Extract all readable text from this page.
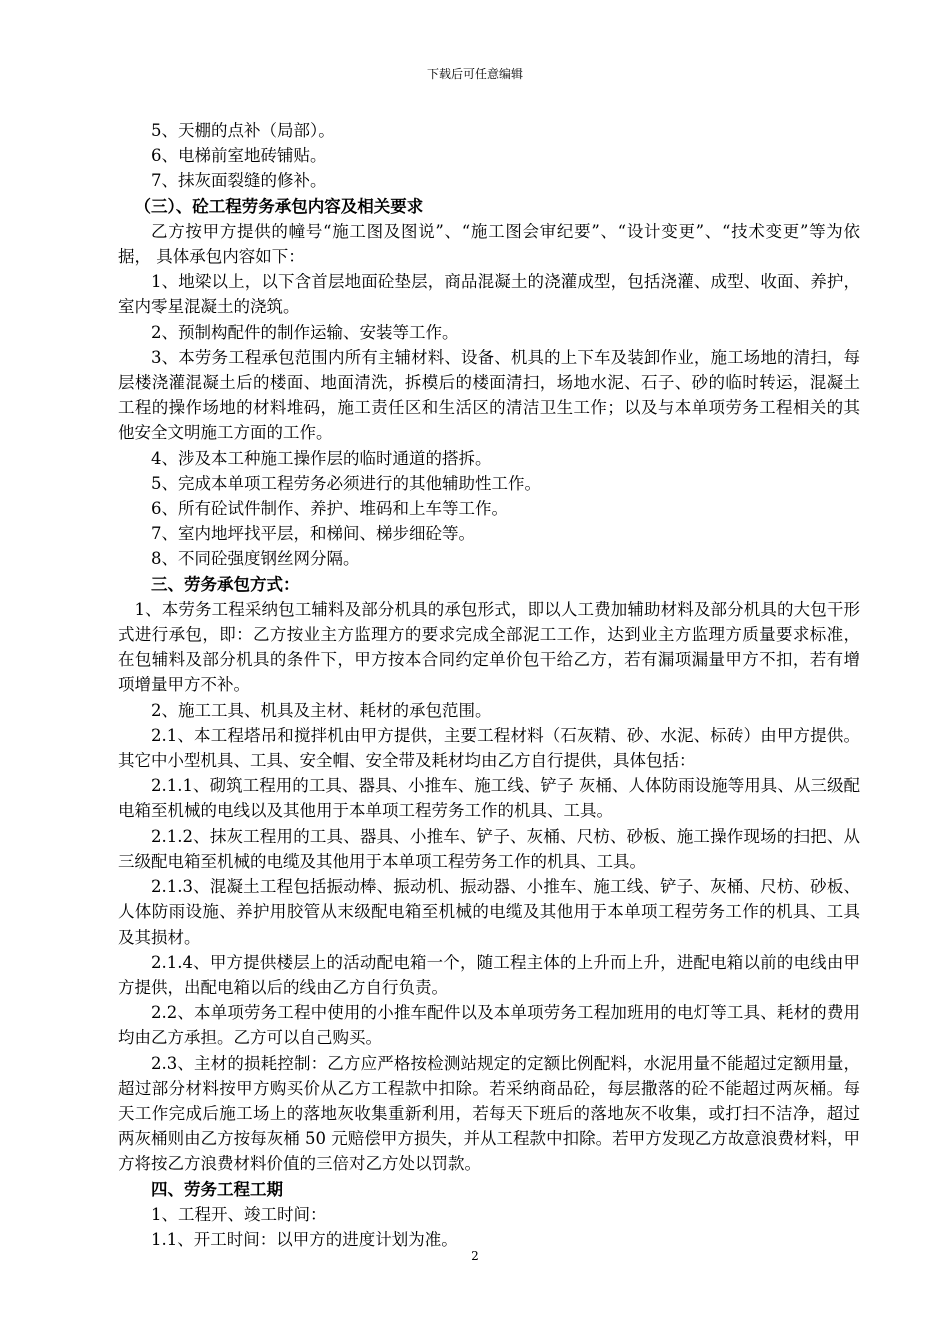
下载后可任意编辑

5、天棚的点补（局部）。

6、电梯前室地砖铺贴。

7、抹灰面裂缝的修补。

（三）、砼工程劳务承包内容及相关要求

乙方按甲方提供的幢号“施工图及图说”、“施工图会审纪要”、“设计变更”、“技术变更”等为依据， 具体承包内容如下：

1、地梁以上，以下含首层地面砼垫层，商品混凝土的浇灌成型，包括浇灌、成型、收面、养护，室内零星混凝土的浇筑。

2、预制构配件的制作运输、安装等工作。

3、本劳务工程承包范围内所有主辅材料、设备、机具的上下车及装卸作业，施工场地的清扫，每层楼浇灌混凝土后的楼面、地面清洗，拆模后的楼面清扫，场地水泥、石子、砂的临时转运，混凝土工程的操作场地的材料堆码，施工责任区和生活区的清洁卫生工作；以及与本单项劳务工程相关的其他安全文明施工方面的工作。

4、涉及本工种施工操作层的临时通道的搭拆。

5、完成本单项工程劳务必须进行的其他辅助性工作。

6、所有砼试件制作、养护、堆码和上车等工作。

7、室内地坪找平层，和梯间、梯步细砼等。

8、不同砼强度钢丝网分隔。

三、劳务承包方式：

1、本劳务工程采纳包工辅料及部分机具的承包形式，即以人工费加辅助材料及部分机具的大包干形式进行承包，即：乙方按业主方监理方的要求完成全部泥工工作，达到业主方监理方质量要求标准，在包辅料及部分机具的条件下，甲方按本合同约定单价包干给乙方，若有漏项漏量甲方不扣，若有增项增量甲方不补。

2、施工工具、机具及主材、耗材的承包范围。

2.1、本工程塔吊和搅拌机由甲方提供，主要工程材料（石灰精、砂、水泥、标砖）由甲方提供。其它中小型机具、工具、安全帽、安全带及耗材均由乙方自行提供，具体包括：

2.1.1、砌筑工程用的工具、器具、小推车、施工线、铲子 灰桶、人体防雨设施等用具、从三级配电箱至机械的电线以及其他用于本单项工程劳务工作的机具、工具。

2.1.2、抹灰工程用的工具、器具、小推车、铲子、灰桶、尺枋、砂板、施工操作现场的扫把、从三级配电箱至机械的电缆及其他用于本单项工程劳务工作的机具、工具。

2.1.3、混凝土工程包括振动棒、振动机、振动器、小推车、施工线、铲子、灰桶、尺枋、砂板、人体防雨设施、养护用胶管从末级配电箱至机械的电缆及其他用于本单项工程劳务工作的机具、工具及其损材。

2.1.4、甲方提供楼层上的活动配电箱一个，随工程主体的上升而上升，进配电箱以前的电线由甲方提供，出配电箱以后的线由乙方自行负责。

2.2、本单项劳务工程中使用的小推车配件以及本单项劳务工程加班用的电灯等工具、耗材的费用均由乙方承担。乙方可以自己购买。

2.3、主材的损耗控制：乙方应严格按检测站规定的定额比例配料，水泥用量不能超过定额用量，超过部分材料按甲方购买价从乙方工程款中扣除。若采纳商品砼，每层撒落的砼不能超过两灰桶。每天工作完成后施工场上的落地灰收集重新利用，若每天下班后的落地灰不收集，或打扫不洁净，超过两灰桶则由乙方按每灰桶 50 元赔偿甲方损失，并从工程款中扣除。若甲方发现乙方故意浪费材料，甲方将按乙方浪费材料价值的三倍对乙方处以罚款。

四、劳务工程工期

1、工程开、竣工时间：

1.1、开工时间：以甲方的进度计划为准。

2
